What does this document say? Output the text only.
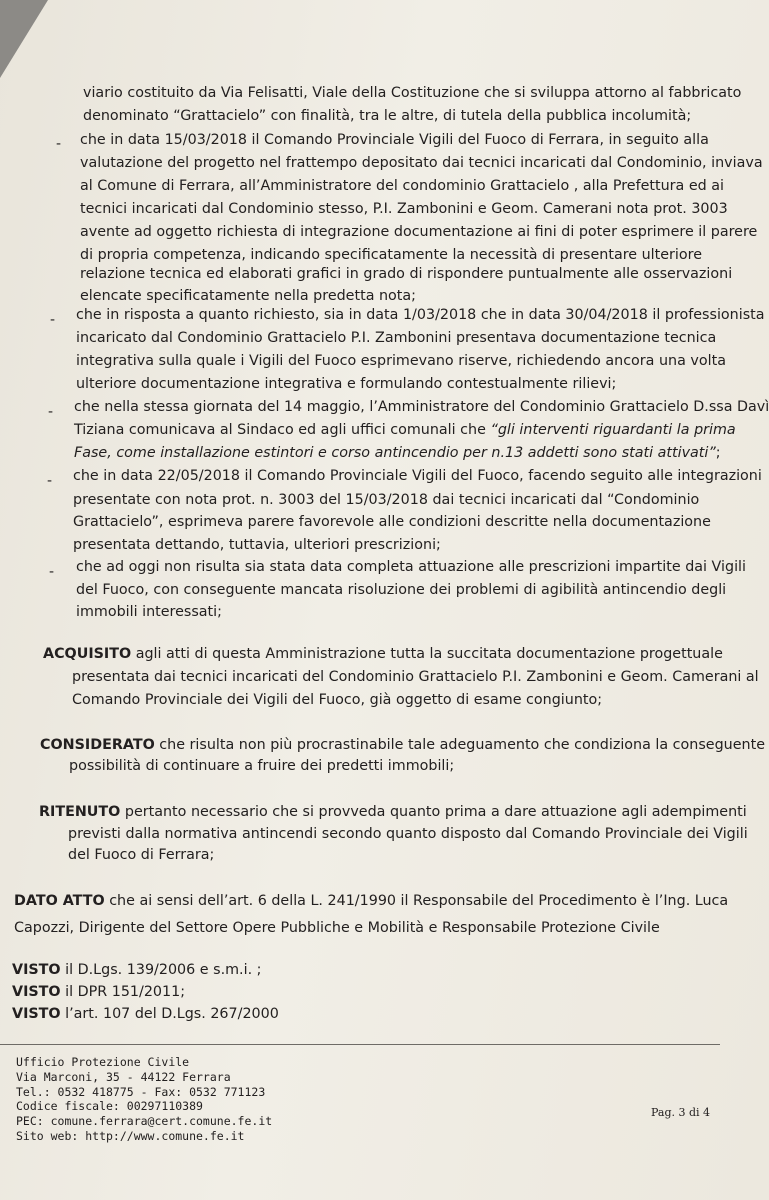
viario costituito da Via Felisatti, Viale della Costituzione che si sviluppa attorno al fabbricato
denominato “Grattacielo” con finalità, tra le altre, di tutela della pubblica incolumità;
- che in data 15/03/2018 il Comando Provinciale Vigili del Fuoco di Ferrara, in seguito alla
valutazione del progetto nel frattempo depositato dai tecnici incaricati dal Condominio, inviava
al Comune di Ferrara, all’Amministratore del condominio Grattacielo , alla Prefettura ed ai
tecnici incaricati dal Condominio stesso, P.I. Zambonini e Geom. Camerani nota prot. 3003
avente ad oggetto richiesta di integrazione documentazione ai fini di poter esprimere il parere
di propria competenza, indicando specificatamente la necessità di presentare ulteriore
relazione tecnica ed elaborati grafici in grado di rispondere puntualmente alle osservazioni
elencate specificatamente nella predetta nota;
- che in risposta a quanto richiesto, sia in data 1/03/2018 che in data 30/04/2018 il professionista
incaricato dal Condominio Grattacielo P.I. Zambonini presentava documentazione tecnica
integrativa sulla quale i Vigili del Fuoco esprimevano riserve, richiedendo ancora una volta
ulteriore documentazione integrativa e formulando contestualmente rilievi;
- che nella stessa giornata del 14 maggio, l’Amministratore del Condominio Grattacielo D.ssa Davì
Tiziana comunicava al Sindaco ed agli uffici comunali che “gli interventi riguardanti la prima
Fase, come installazione estintori e corso antincendio per n.13 addetti sono stati attivati”;
- che in data 22/05/2018 il Comando Provinciale Vigili del Fuoco, facendo seguito alle integrazioni
presentate con nota prot. n. 3003 del 15/03/2018 dai tecnici incaricati dal “Condominio
Grattacielo”, esprimeva parere favorevole alle condizioni descritte nella documentazione
presentata dettando, tuttavia, ulteriori prescrizioni;
- che ad oggi non risulta sia stata data completa attuazione alle prescrizioni impartite dai Vigili
del Fuoco, con conseguente mancata risoluzione dei problemi di agibilità antincendio degli
immobili interessati;
ACQUISITO agli atti di questa Amministrazione tutta la succitata documentazione progettuale
presentata dai tecnici incaricati del Condominio Grattacielo P.I. Zambonini e Geom. Camerani al
Comando Provinciale dei Vigili del Fuoco, già oggetto di esame congiunto;
CONSIDERATO che risulta non più procrastinabile tale adeguamento che condiziona la conseguente
possibilità di continuare a fruire dei predetti immobili;
RITENUTO pertanto necessario che si provveda quanto prima a dare attuazione agli adempimenti
previsti dalla normativa antincendi secondo quanto disposto dal Comando Provinciale dei Vigili
del Fuoco di Ferrara;
DATO ATTO che ai sensi dell’art. 6 della L. 241/1990 il Responsabile del Procedimento è l’Ing. Luca
Capozzi, Dirigente del Settore Opere Pubbliche e Mobilità e Responsabile Protezione Civile
VISTO il D.Lgs. 139/2006 e s.m.i. ;
VISTO il DPR 151/2011;
VISTO l’art. 107 del D.Lgs. 267/2000
Ufficio Protezione Civile
Via Marconi, 35 - 44122 Ferrara
Tel.: 0532 418775 - Fax: 0532 771123
Codice fiscale: 00297110389
PEC: comune.ferrara@cert.comune.fe.it
Sito web: http://www.comune.fe.it
Pag. 3 di 4
